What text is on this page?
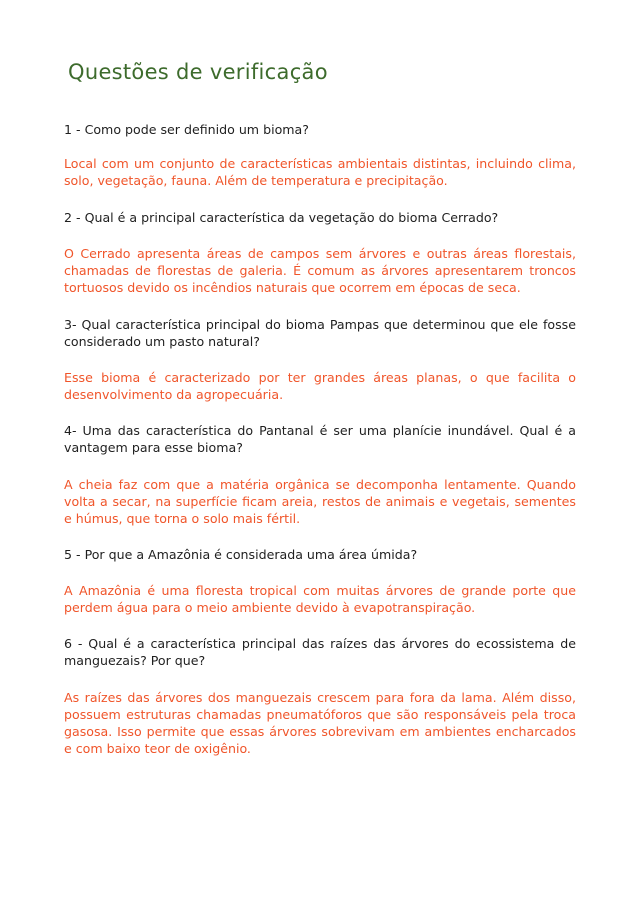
Questões de verificação

1 - Como pode ser definido um bioma?

Local com um conjunto de características ambientais distintas, incluindo clima, solo, vegetação, fauna. Além de temperatura e precipitação.

2 - Qual é a principal característica da vegetação do bioma Cerrado?

O Cerrado apresenta áreas de campos sem árvores e outras áreas florestais, chamadas de florestas de galeria. É comum as árvores apresentarem troncos tortuosos devido os incêndios naturais que ocorrem em épocas de seca.

3- Qual característica principal do bioma Pampas que determinou que ele fosse considerado um pasto natural?

Esse bioma é caracterizado por ter grandes áreas planas, o que facilita o desenvolvimento da agropecuária.

4- Uma das característica do Pantanal é ser uma planície inundável. Qual é a vantagem para esse bioma?

A cheia faz com que a matéria orgânica se decomponha lentamente. Quando volta a secar, na superfície ficam areia, restos de animais e vegetais, sementes e húmus, que torna o solo mais fértil.

5 - Por que a Amazônia é considerada uma área úmida?

A Amazônia é uma floresta tropical com muitas árvores de grande porte que perdem água para o meio ambiente devido à evapotranspiração.

6 - Qual é a característica principal das raízes das árvores do ecossistema de manguezais? Por que?

As raízes das árvores dos manguezais crescem para fora da lama. Além disso, possuem estruturas chamadas pneumatóforos que são responsáveis pela troca gasosa. Isso permite que essas árvores sobrevivam em ambientes encharcados e com baixo teor de oxigênio.
